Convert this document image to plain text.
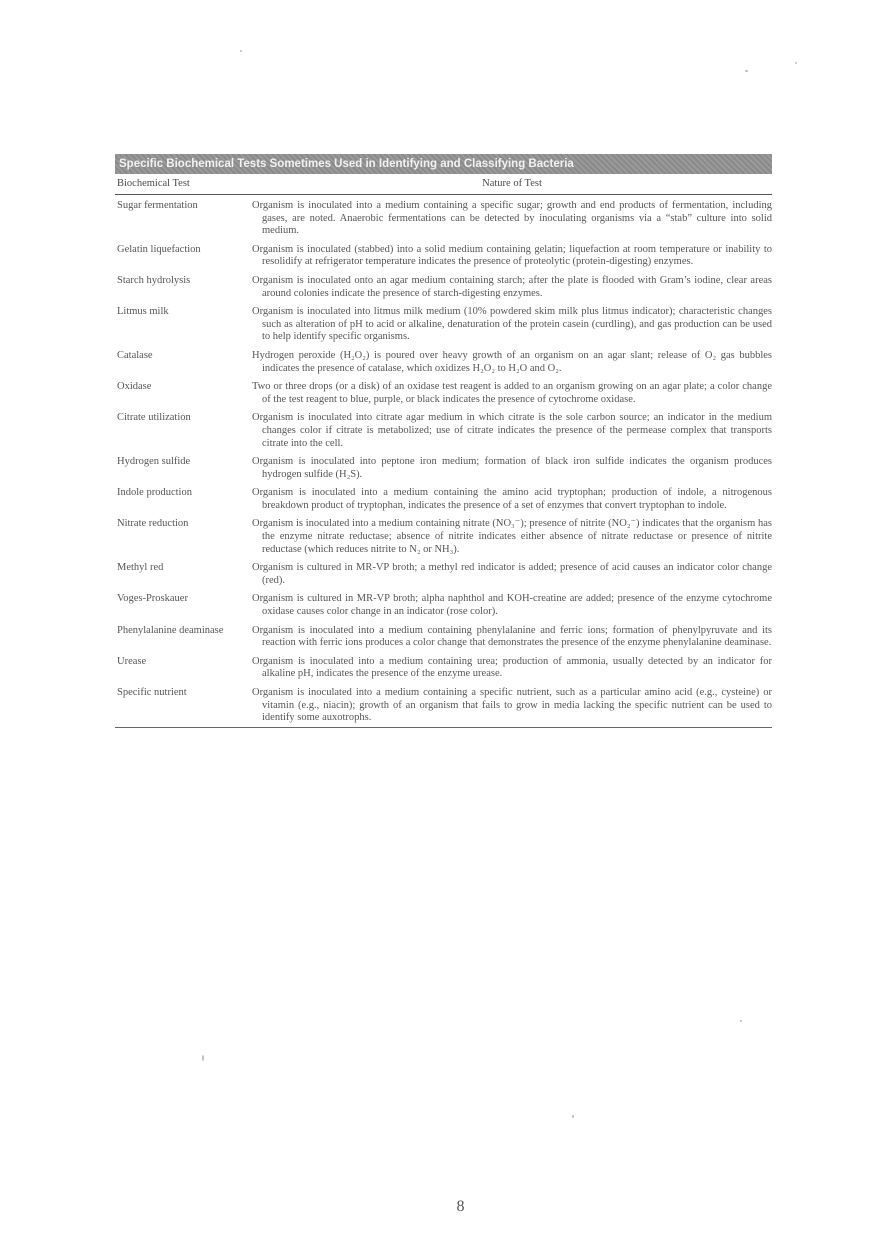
Specific Biochemical Tests Sometimes Used in Identifying and Classifying Bacteria
Biochemical Test	Nature of Test
Sugar fermentation	Organism is inoculated into a medium containing a specific sugar; growth and end products of fermentation, including gases, are noted. Anaerobic fermentations can be detected by inoculating organisms via a “stab” culture into solid medium.
Gelatin liquefaction	Organism is inoculated (stabbed) into a solid medium containing gelatin; liquefaction at room temperature or inability to resolidify at refrigerator temperature indicates the presence of proteolytic (protein-digesting) enzymes.
Starch hydrolysis	Organism is inoculated onto an agar medium containing starch; after the plate is flooded with Gram’s iodine, clear areas around colonies indicate the presence of starch-digesting enzymes.
Litmus milk	Organism is inoculated into litmus milk medium (10% powdered skim milk plus litmus indicator); characteristic changes such as alteration of pH to acid or alkaline, denaturation of the protein casein (curdling), and gas production can be used to help identify specific organisms.
Catalase	Hydrogen peroxide (H₂O₂) is poured over heavy growth of an organism on an agar slant; release of O₂ gas bubbles indicates the presence of catalase, which oxidizes H₂O₂ to H₂O and O₂.
Oxidase	Two or three drops (or a disk) of an oxidase test reagent is added to an organism growing on an agar plate; a color change of the test reagent to blue, purple, or black indicates the presence of cytochrome oxidase.
Citrate utilization	Organism is inoculated into citrate agar medium in which citrate is the sole carbon source; an indicator in the medium changes color if citrate is metabolized; use of citrate indicates the presence of the permease complex that transports citrate into the cell.
Hydrogen sulfide	Organism is inoculated into peptone iron medium; formation of black iron sulfide indicates the organism produces hydrogen sulfide (H₂S).
Indole production	Organism is inoculated into a medium containing the amino acid tryptophan; production of indole, a nitrogenous breakdown product of tryptophan, indicates the presence of a set of enzymes that convert tryptophan to indole.
Nitrate reduction	Organism is inoculated into a medium containing nitrate (NO₃⁻); presence of nitrite (NO₂⁻) indicates that the organism has the enzyme nitrate reductase; absence of nitrite indicates either absence of nitrate reductase or presence of nitrite reductase (which reduces nitrite to N₂ or NH₃).
Methyl red	Organism is cultured in MR-VP broth; a methyl red indicator is added; presence of acid causes an indicator color change (red).
Voges-Proskauer	Organism is cultured in MR-VP broth; alpha naphthol and KOH-creatine are added; presence of the enzyme cytochrome oxidase causes color change in an indicator (rose color).
Phenylalanine deaminase	Organism is inoculated into a medium containing phenylalanine and ferric ions; formation of phenylpyruvate and its reaction with ferric ions produces a color change that demonstrates the presence of the enzyme phenylalanine deaminase.
Urease	Organism is inoculated into a medium containing urea; production of ammonia, usually detected by an indicator for alkaline pH, indicates the presence of the enzyme urease.
Specific nutrient	Organism is inoculated into a medium containing a specific nutrient, such as a particular amino acid (e.g., cysteine) or vitamin (e.g., niacin); growth of an organism that fails to grow in media lacking the specific nutrient can be used to identify some auxotrophs.
8
